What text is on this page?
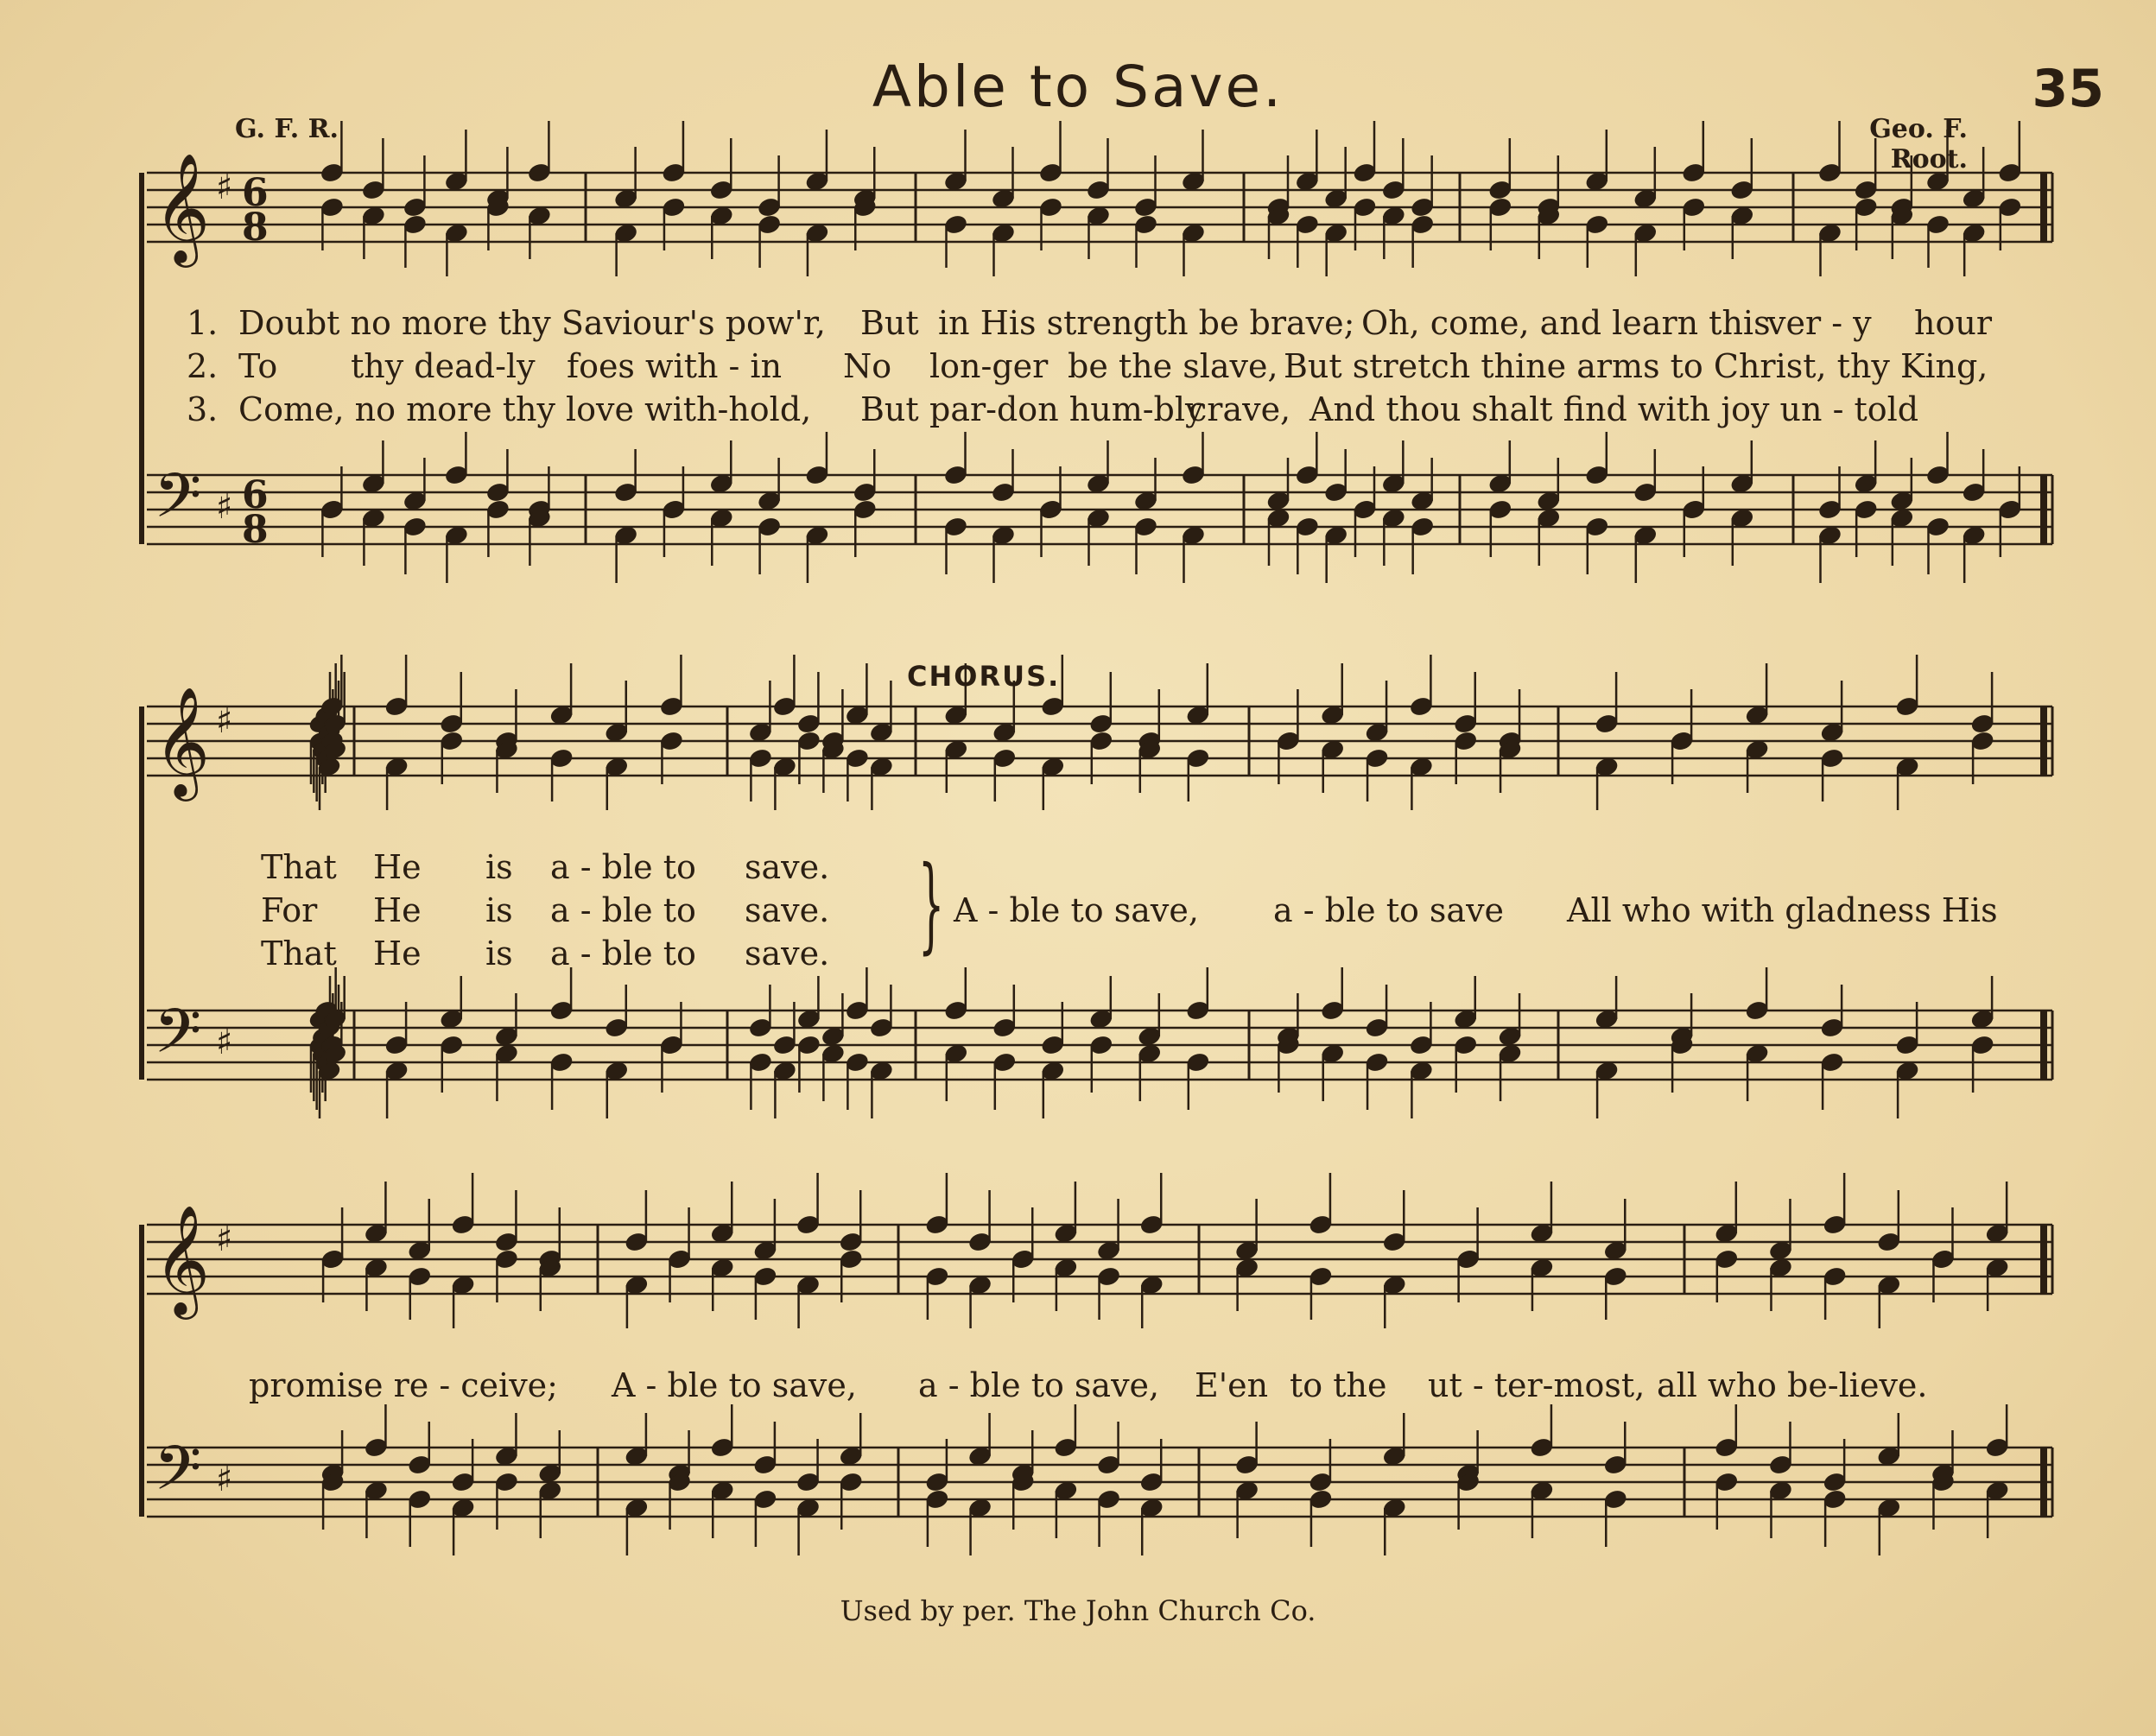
Able to Save.	35
G. F. R.	Geo. F. Root.
𝄞 ♯ 6
8
𝄢 ♯ 6
8
𝄞 ♯
𝄢 ♯
𝄞 ♯
𝄢 ♯
1. Doubt no more thy Saviour's pow'r, But in His strength be brave; Oh, come, and learn thisver - y hour
2. To thy dead-ly foes with - in No lon-ger be the slave, But stretch thine arms to Christ, thy King,
3. Come, no more thy love with-hold, But par-don hum-blycrave, And thou shalt find with joy un - told
CHORUS.
That He is a - ble to save.
For He is a - ble to save.
That He is a - ble to save. } A - ble to save, a - ble to save All who with gladness His
promise re - ceive; A - ble to save, a - ble to save, E'en to the ut - ter-most, all who be-lieve.
Used by per. The John Church Co.
